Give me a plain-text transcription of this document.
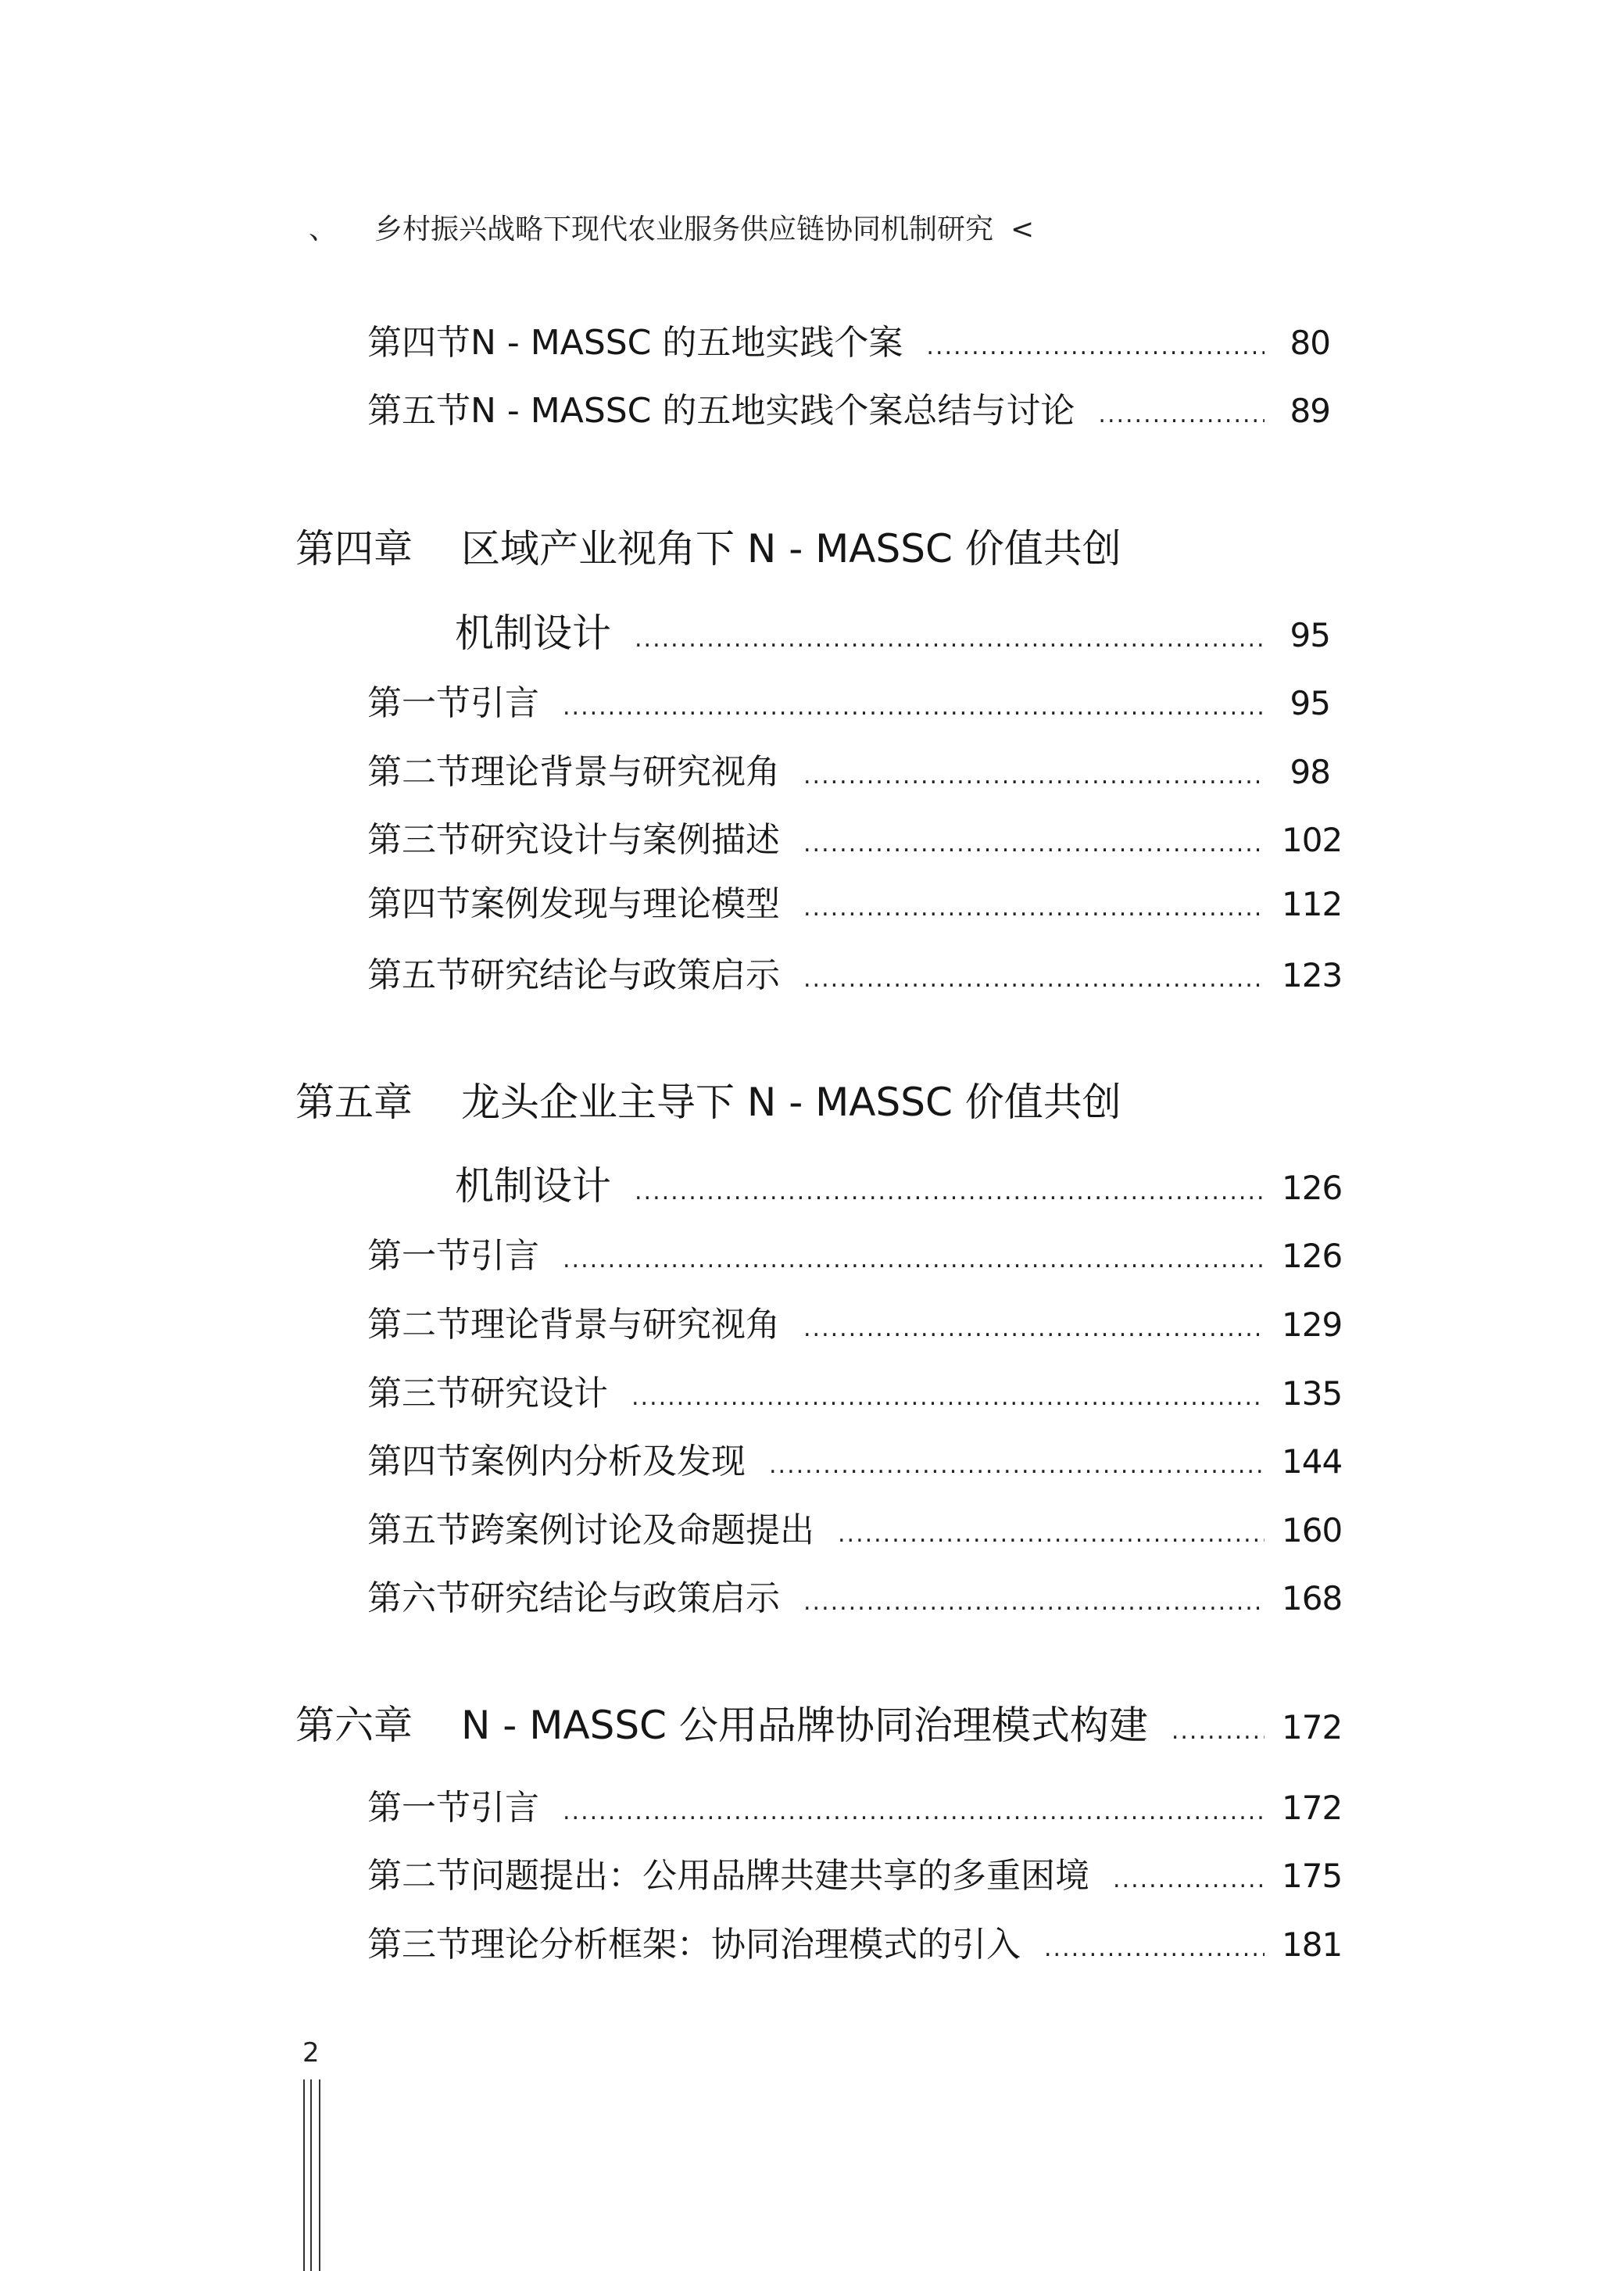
、 乡村振兴战略下现代农业服务供应链协同机制研究 <
第四节 N - MASSC 的五地实践个案 .....	80
第五节 N - MASSC 的五地实践个案总结与讨论 .....	89
第四章	区域产业视角下 N - MASSC 价值共创
机制设计 .....	95
第一节 引言 .....	95
第二节 理论背景与研究视角 .....	98
第三节 研究设计与案例描述 .....	102
第四节 案例发现与理论模型 .....	112
第五节 研究结论与政策启示 .....	123
第五章	龙头企业主导下 N - MASSC 价值共创
机制设计 .....	126
第一节 引言 .....	126
第二节 理论背景与研究视角 .....	129
第三节 研究设计 .....	135
第四节 案例内分析及发现 .....	144
第五节 跨案例讨论及命题提出 .....	160
第六节 研究结论与政策启示 .....	168
第六章	N - MASSC 公用品牌协同治理模式构建 .....	172
第一节 引言 .....	172
第二节 问题提出：公用品牌共建共享的多重困境 .....	175
第三节 理论分析框架：协同治理模式的引入 .....	181
2
